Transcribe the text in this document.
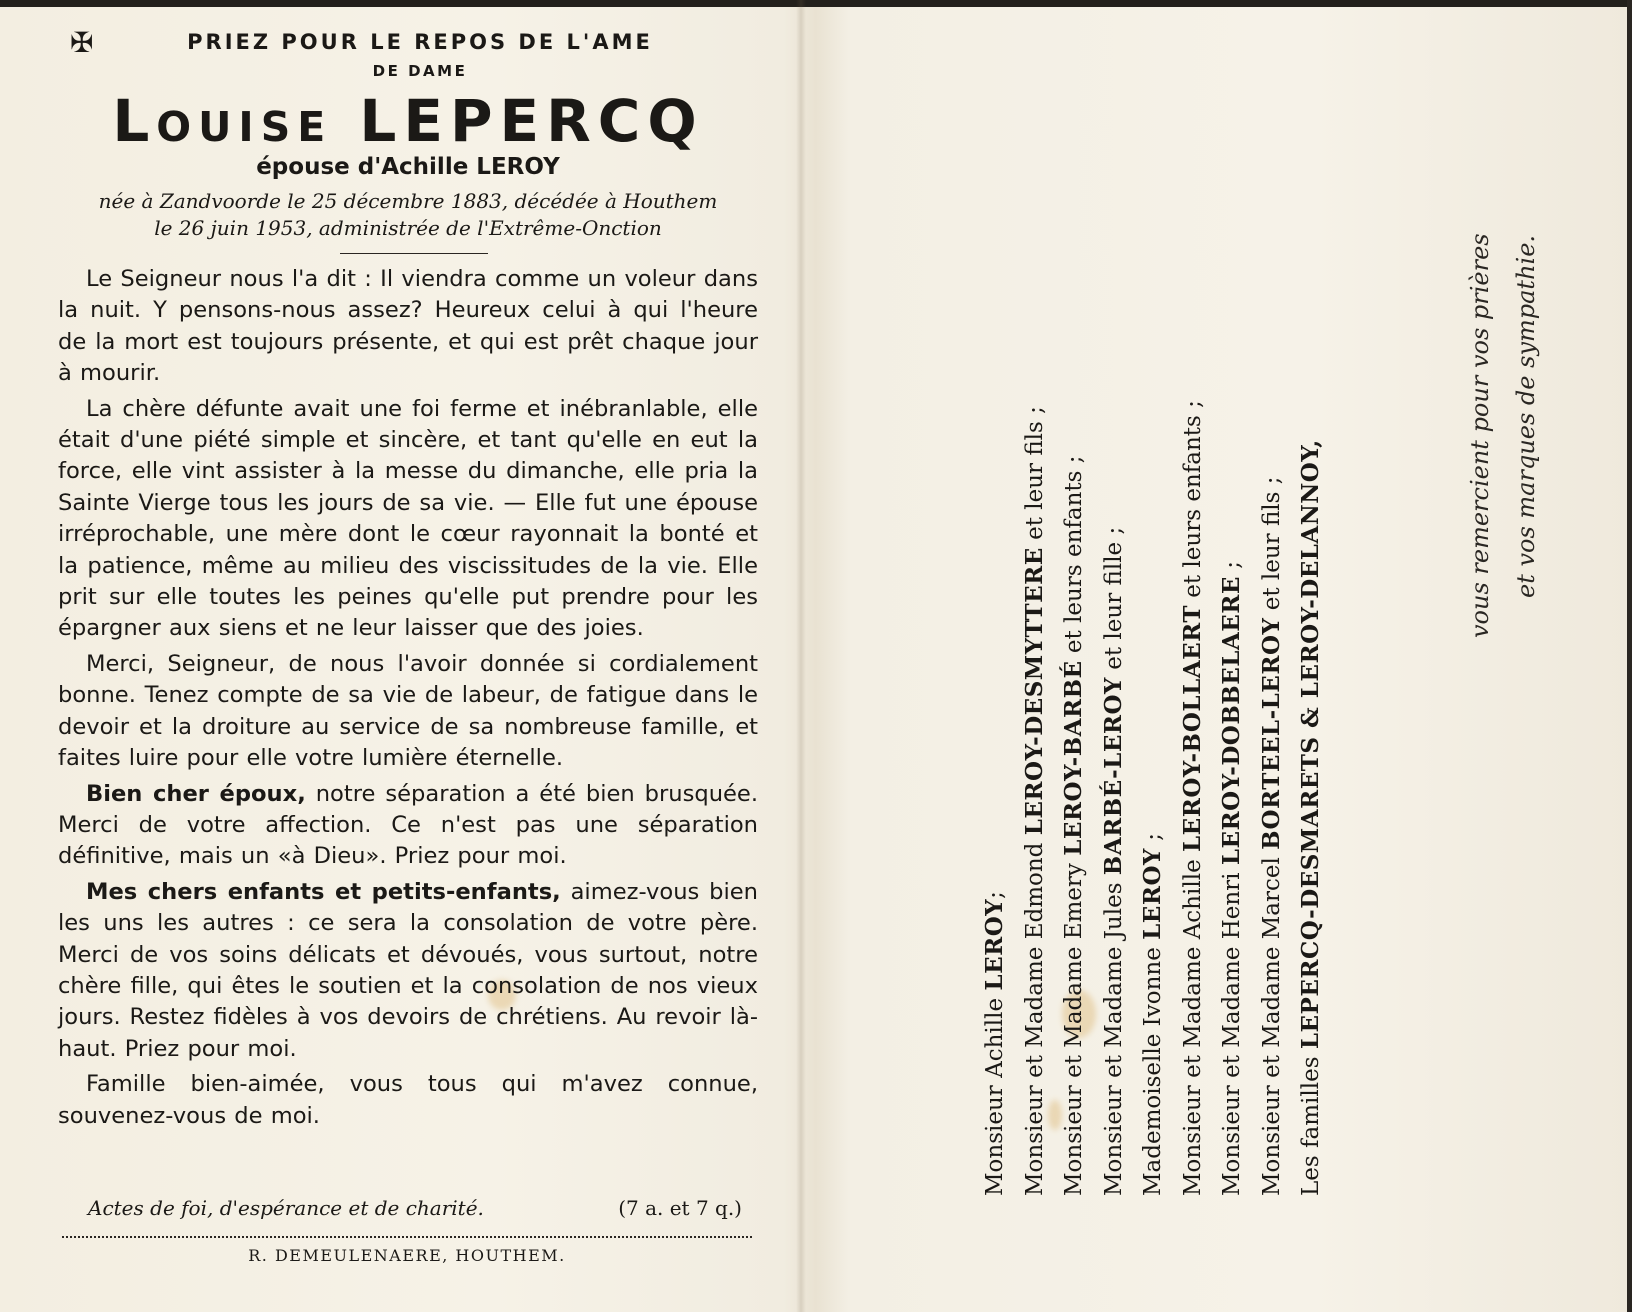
✠	PRIEZ POUR LE REPOS DE L'AME
DE DAME
Louise LEPERCQ
épouse d'Achille LEROY
née à Zandvoorde le 25 décembre 1883, décédée à Houthem
le 26 juin 1953, administrée de l'Extrême-Onction

Le Seigneur nous l'a dit : Il viendra comme un voleur dans la nuit. Y pensons-nous assez? Heureux celui à qui l'heure de la mort est toujours présente, et qui est prêt chaque jour à mourir.

La chère défunte avait une foi ferme et inébranlable, elle était d'une piété simple et sincère, et tant qu'elle en eut la force, elle vint assister à la messe du dimanche, elle pria la Sainte Vierge tous les jours de sa vie. — Elle fut une épouse irréprochable, une mère dont le cœur rayonnait la bonté et la patience, même au milieu des viscissitudes de la vie. Elle prit sur elle toutes les peines qu'elle put prendre pour les épargner aux siens et ne leur laisser que des joies.

Merci, Seigneur, de nous l'avoir donnée si cordialement bonne. Tenez compte de sa vie de labeur, de fatigue dans le devoir et la droiture au service de sa nombreuse famille, et faites luire pour elle votre lumière éternelle.

Bien cher époux, notre séparation a été bien brusquée. Merci de votre affection. Ce n'est pas une séparation définitive, mais un «à Dieu». Priez pour moi.

Mes chers enfants et petits-enfants, aimez-vous bien les uns les autres : ce sera la consolation de votre père. Merci de vos soins délicats et dévoués, vous surtout, notre chère fille, qui êtes le soutien et la consolation de nos vieux jours. Restez fidèles à vos devoirs de chrétiens. Au revoir là-haut. Priez pour moi.

Famille bien-aimée, vous tous qui m'avez connue, souvenez-vous de moi.

Actes de foi, d'espérance et de charité.	(7 a. et 7 q.)
R. DEMEULENAERE, HOUTHEM.
Monsieur Achille LEROY; Monsieur et Madame Edmond LEROY-DESMYTTERE et leur fils ;
Monsieur et Madame Emery LEROY-BARBÉ et leurs enfants ;
Monsieur et Madame Jules BARBÉ-LEROY et leur fille ;
Mademoiselle Ivonne LEROY ;
Monsieur et Madame Achille LEROY-BOLLAERT et leurs enfants ;
Monsieur et Madame Henri LEROY-DOBBELAERE ;
Monsieur et Madame Marcel BORTEEL-LEROY et leur fils ;
Les familles LEPERCQ-DESMARETS & LEROY-DELANNOY,
vous remercient pour vos prières et vos marques de sympathie.
